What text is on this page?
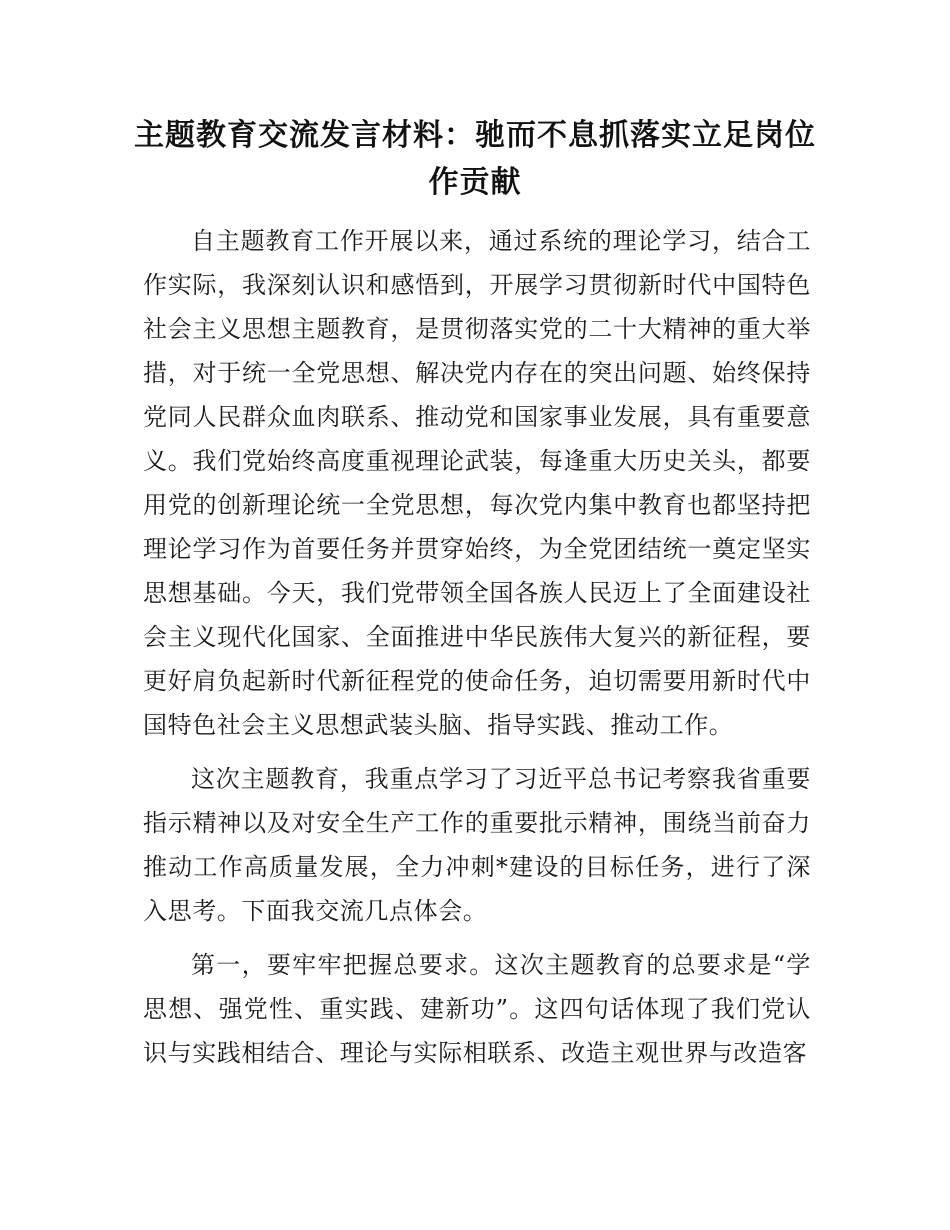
主题教育交流发言材料：驰而不息抓落实立足岗位作贡献

自主题教育工作开展以来，通过系统的理论学习，结合工作实际，我深刻认识和感悟到，开展学习贯彻新时代中国特色社会主义思想主题教育，是贯彻落实党的二十大精神的重大举措，对于统一全党思想、解决党内存在的突出问题、始终保持党同人民群众血肉联系、推动党和国家事业发展，具有重要意义。我们党始终高度重视理论武装，每逢重大历史关头，都要用党的创新理论统一全党思想，每次党内集中教育也都坚持把理论学习作为首要任务并贯穿始终，为全党团结统一奠定坚实思想基础。今天，我们党带领全国各族人民迈上了全面建设社会主义现代化国家、全面推进中华民族伟大复兴的新征程，要更好肩负起新时代新征程党的使命任务，迫切需要用新时代中国特色社会主义思想武装头脑、指导实践、推动工作。

这次主题教育，我重点学习了习近平总书记考察我省重要指示精神以及对安全生产工作的重要批示精神，围绕当前奋力推动工作高质量发展，全力冲刺*建设的目标任务，进行了深入思考。下面我交流几点体会。

第一，要牢牢把握总要求。这次主题教育的总要求是“学思想、强党性、重实践、建新功”。这四句话体现了我们党认识与实践相结合、理论与实际相联系、改造主观世界与改造客
